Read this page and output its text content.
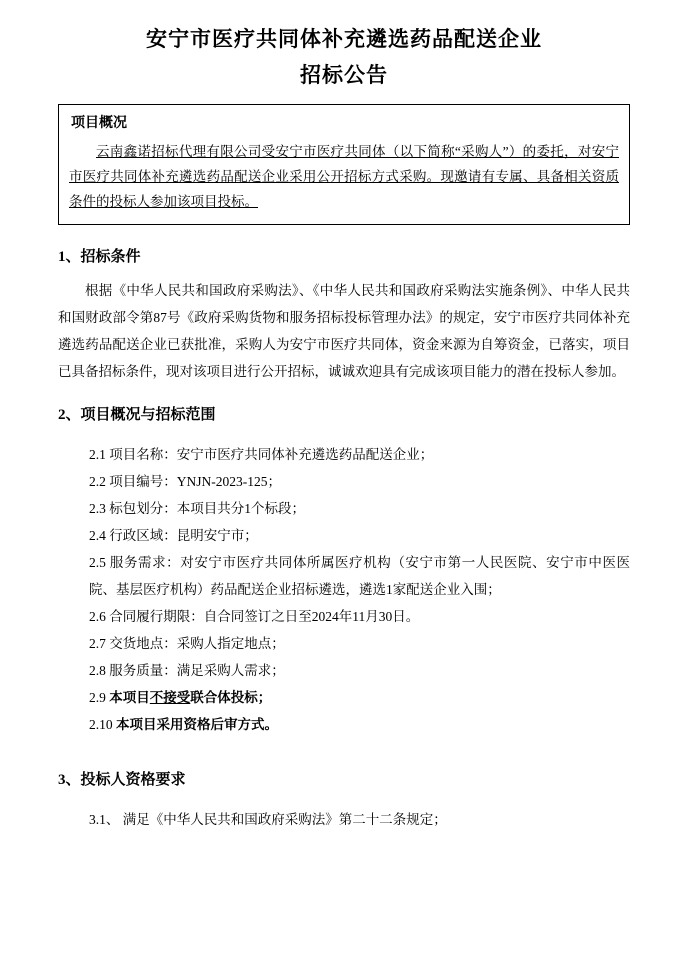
安宁市医疗共同体补充遴选药品配送企业
招标公告
项目概况
云南鑫诺招标代理有限公司受安宁市医疗共同体（以下简称“采购人”）的委托，对安宁市医疗共同体补充遴选药品配送企业采用公开招标方式采购。现邀请有专属、具备相关资质条件的投标人参加该项目投标。
1、招标条件

根据《中华人民共和国政府采购法》、《中华人民共和国政府采购法实施条例》、中华人民共和国财政部令第87号《政府采购货物和服务招标投标管理办法》的规定，安宁市医疗共同体补充遴选药品配送企业已获批准，采购人为安宁市医疗共同体，资金来源为自筹资金，已落实，项目已具备招标条件，现对该项目进行公开招标，诚诚欢迎具有完成该项目能力的潜在投标人参加。

2、项目概况与招标范围

2.1 项目名称：安宁市医疗共同体补充遴选药品配送企业；

2.2 项目编号：YNJN-2023-125；

2.3 标包划分：本项目共分1个标段；

2.4 行政区域：昆明安宁市；

2.5 服务需求：对安宁市医疗共同体所属医疗机构（安宁市第一人民医院、安宁市中医医院、基层医疗机构）药品配送企业招标遴选，遴选1家配送企业入围；

2.6 合同履行期限：自合同签订之日至2024年11月30日。

2.7 交货地点：采购人指定地点；

2.8 服务质量：满足采购人需求；

2.9 本项目不接受联合体投标；

2.10 本项目采用资格后审方式。

3、投标人资格要求

3.1、 满足《中华人民共和国政府采购法》第二十二条规定；
